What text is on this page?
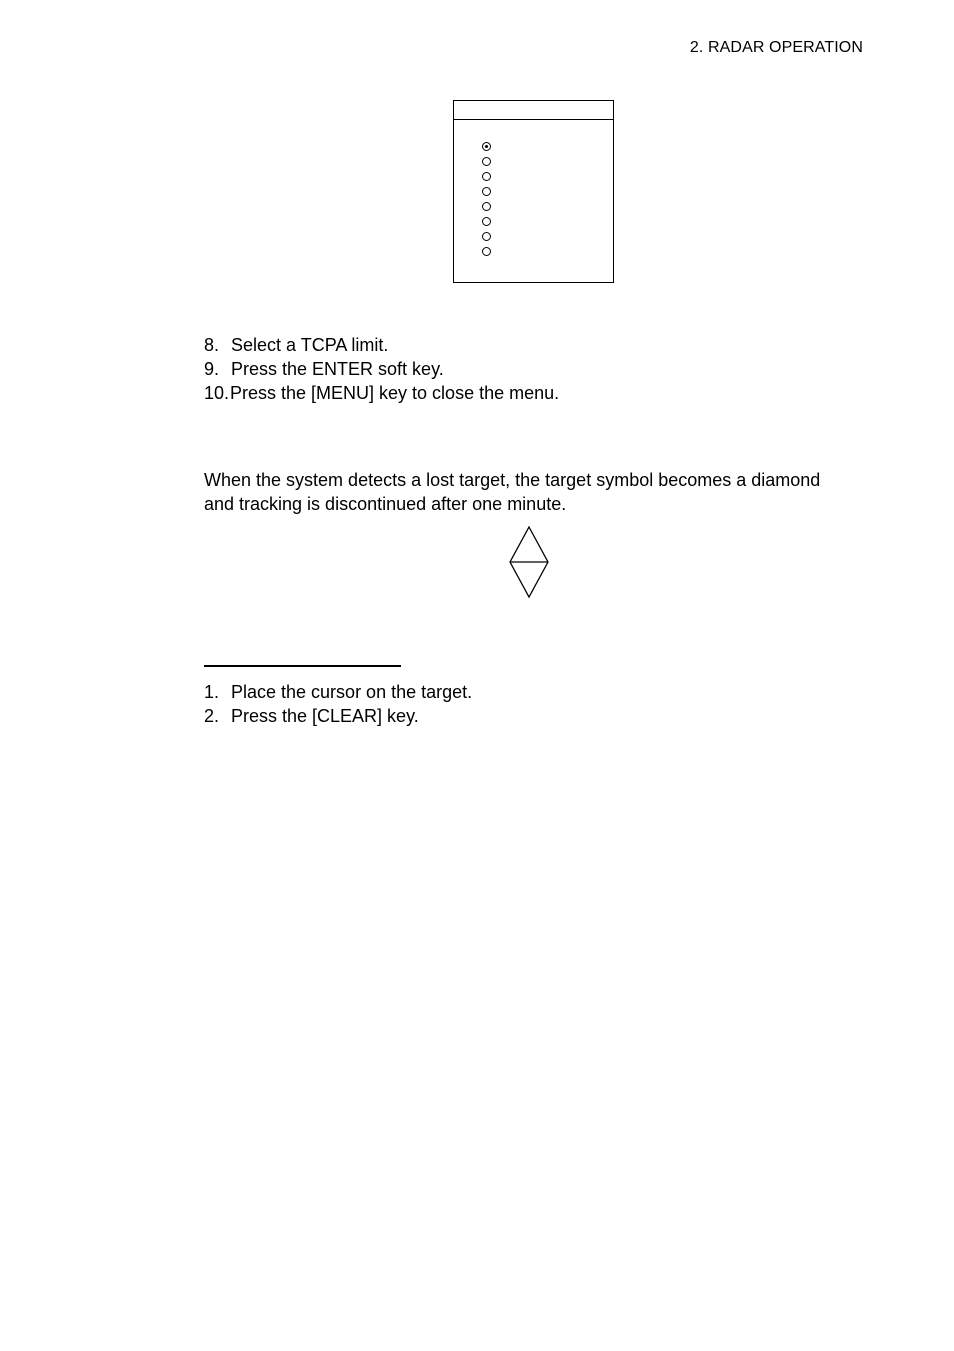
2. RADAR OPERATION
8. Select a TCPA limit.
9. Press the ENTER soft key.
10.Press the [MENU] key to close the menu.
When the system detects a lost target, the target symbol becomes a diamond and tracking is discontinued after one minute.
1. Place the cursor on the target.
2. Press the [CLEAR] key.
